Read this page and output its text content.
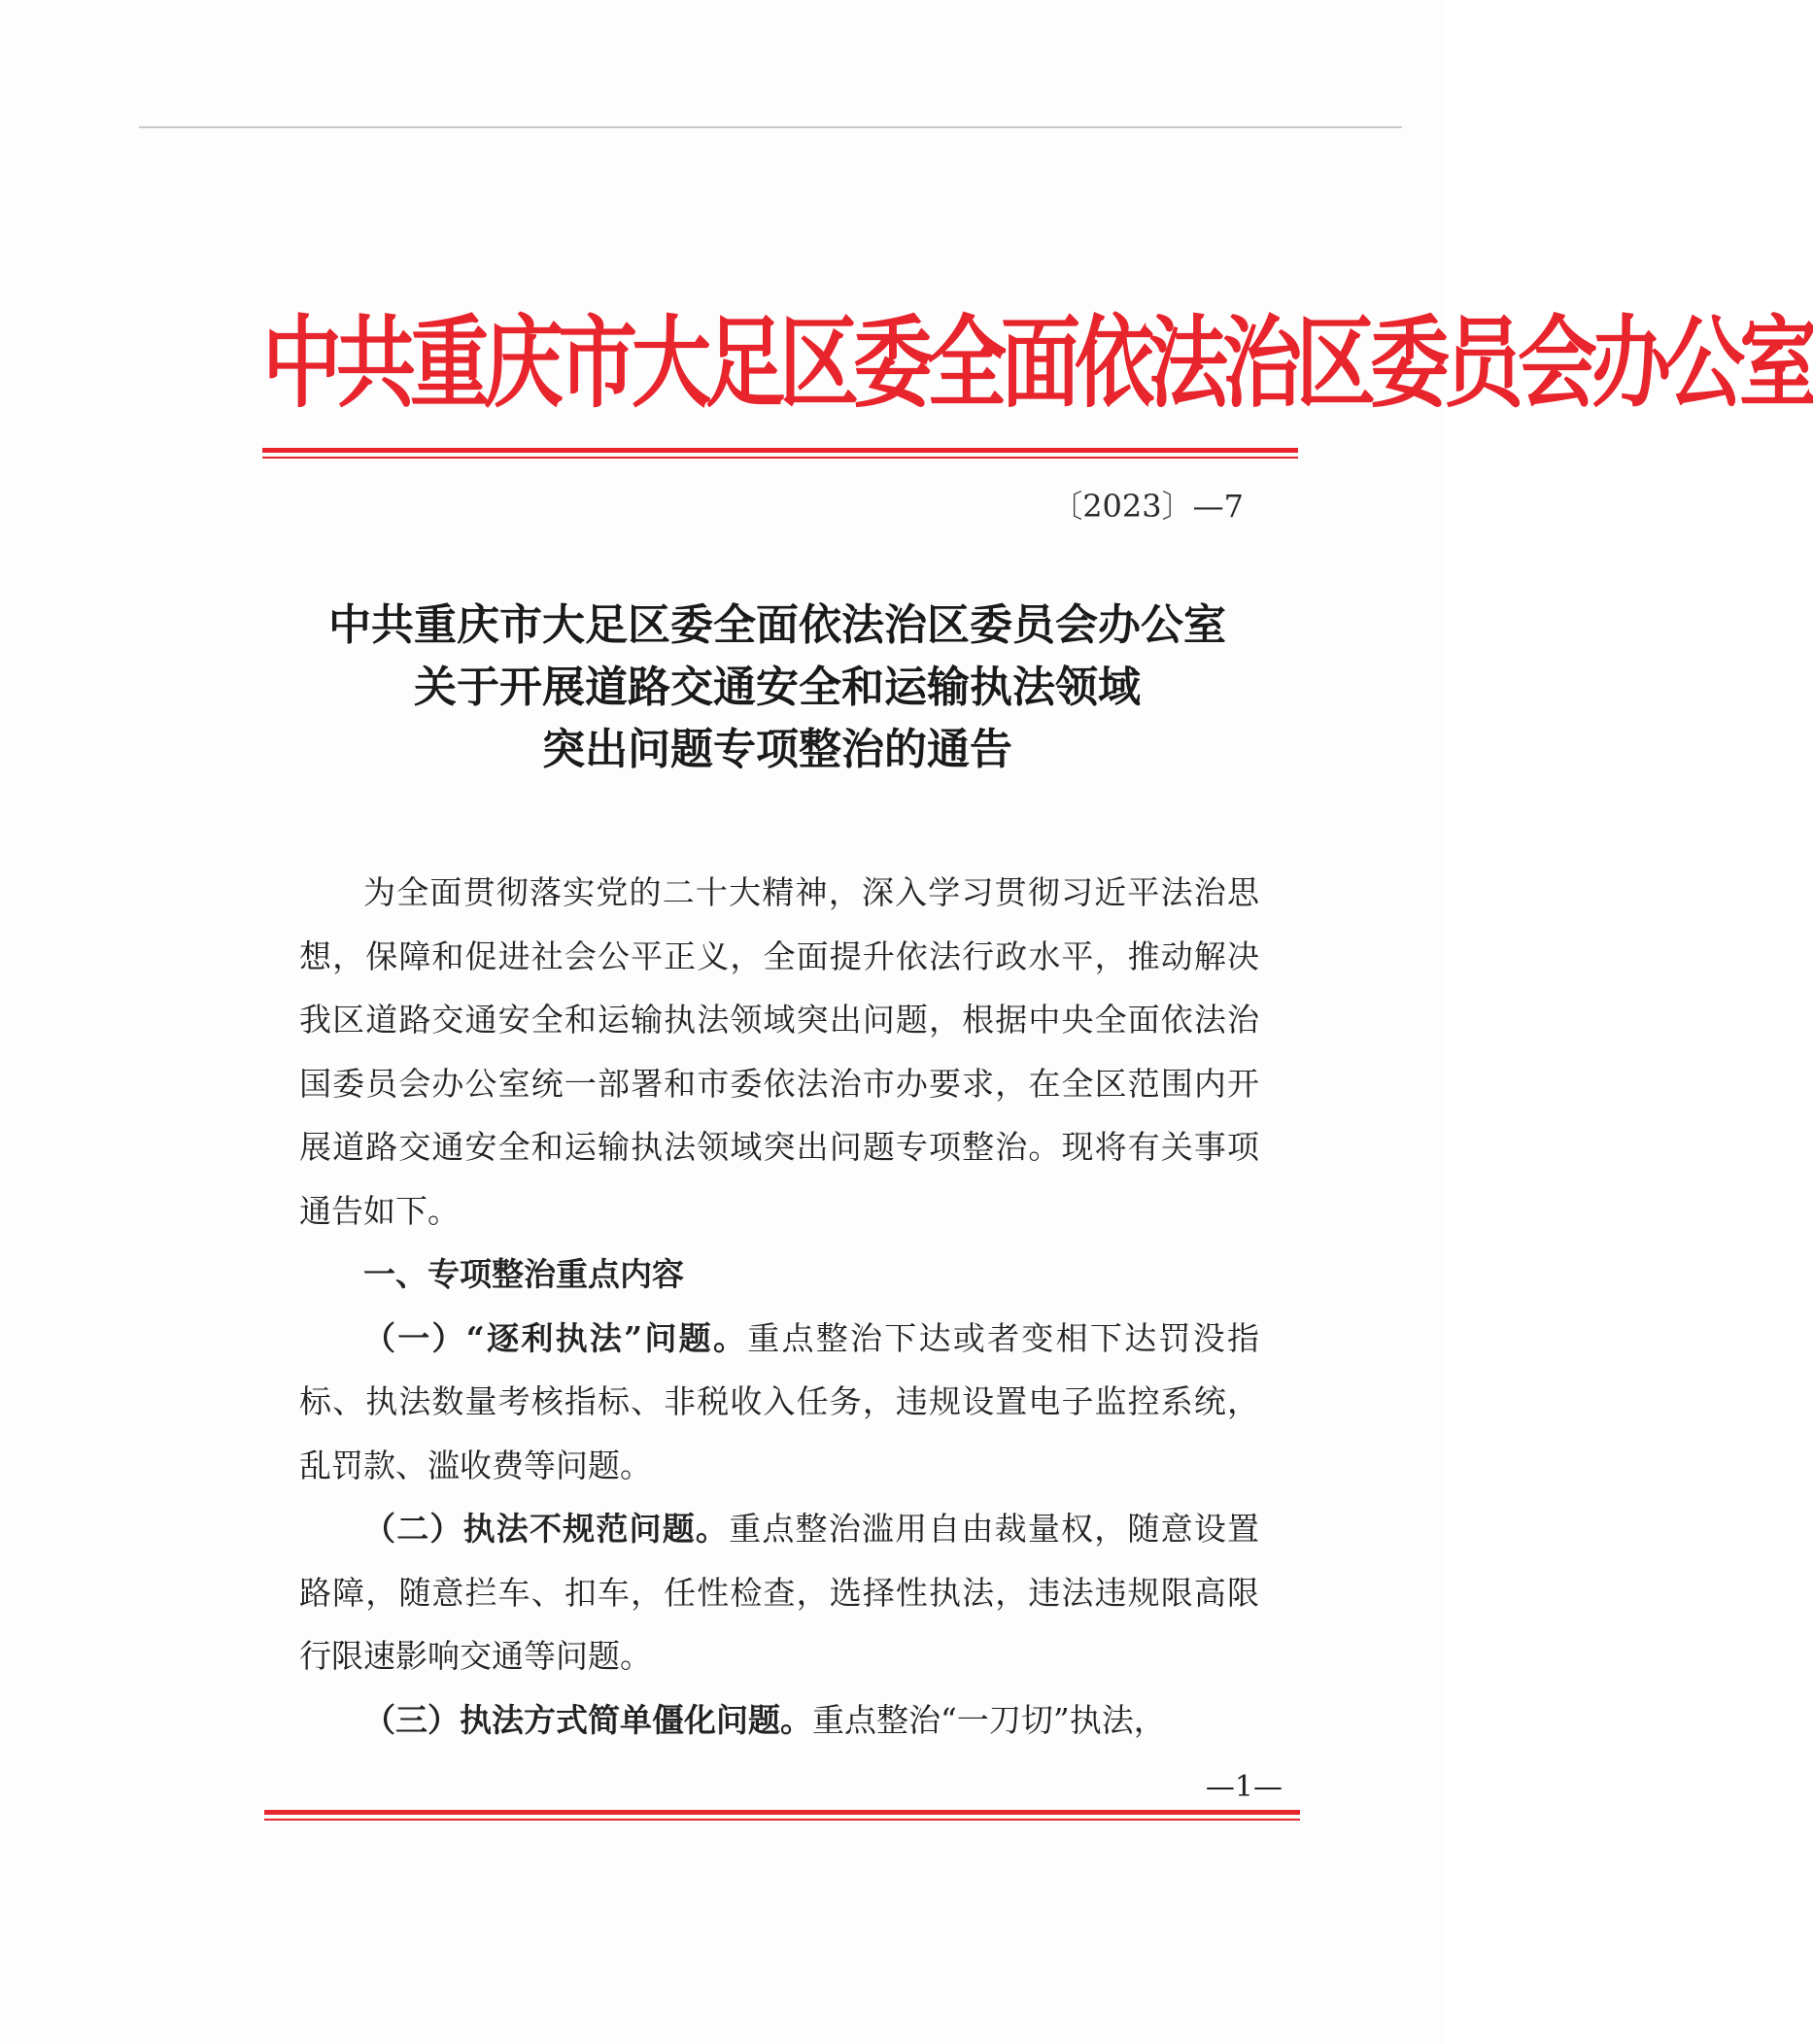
中共重庆市大足区委全面依法治区委员会办公室
〔2023〕—7
中共重庆市大足区委全面依法治区委员会办公室
关于开展道路交通安全和运输执法领域
突出问题专项整治的通告

为全面贯彻落实党的二十大精神，深入学习贯彻习近平法治思想，保障和促进社会公平正义，全面提升依法行政水平，推动解决我区道路交通安全和运输执法领域突出问题，根据中央全面依法治国委员会办公室统一部署和市委依法治市办要求，在全区范围内开展道路交通安全和运输执法领域突出问题专项整治。现将有关事项通告如下。

一、专项整治重点内容

（一）“逐利执法”问题。重点整治下达或者变相下达罚没指标、执法数量考核指标、非税收入任务，违规设置电子监控系统，乱罚款、滥收费等问题。

（二）执法不规范问题。重点整治滥用自由裁量权，随意设置路障，随意拦车、扣车，任性检查，选择性执法，违法违规限高限行限速影响交通等问题。

（三）执法方式简单僵化问题。重点整治“一刀切”执法，

—1—
